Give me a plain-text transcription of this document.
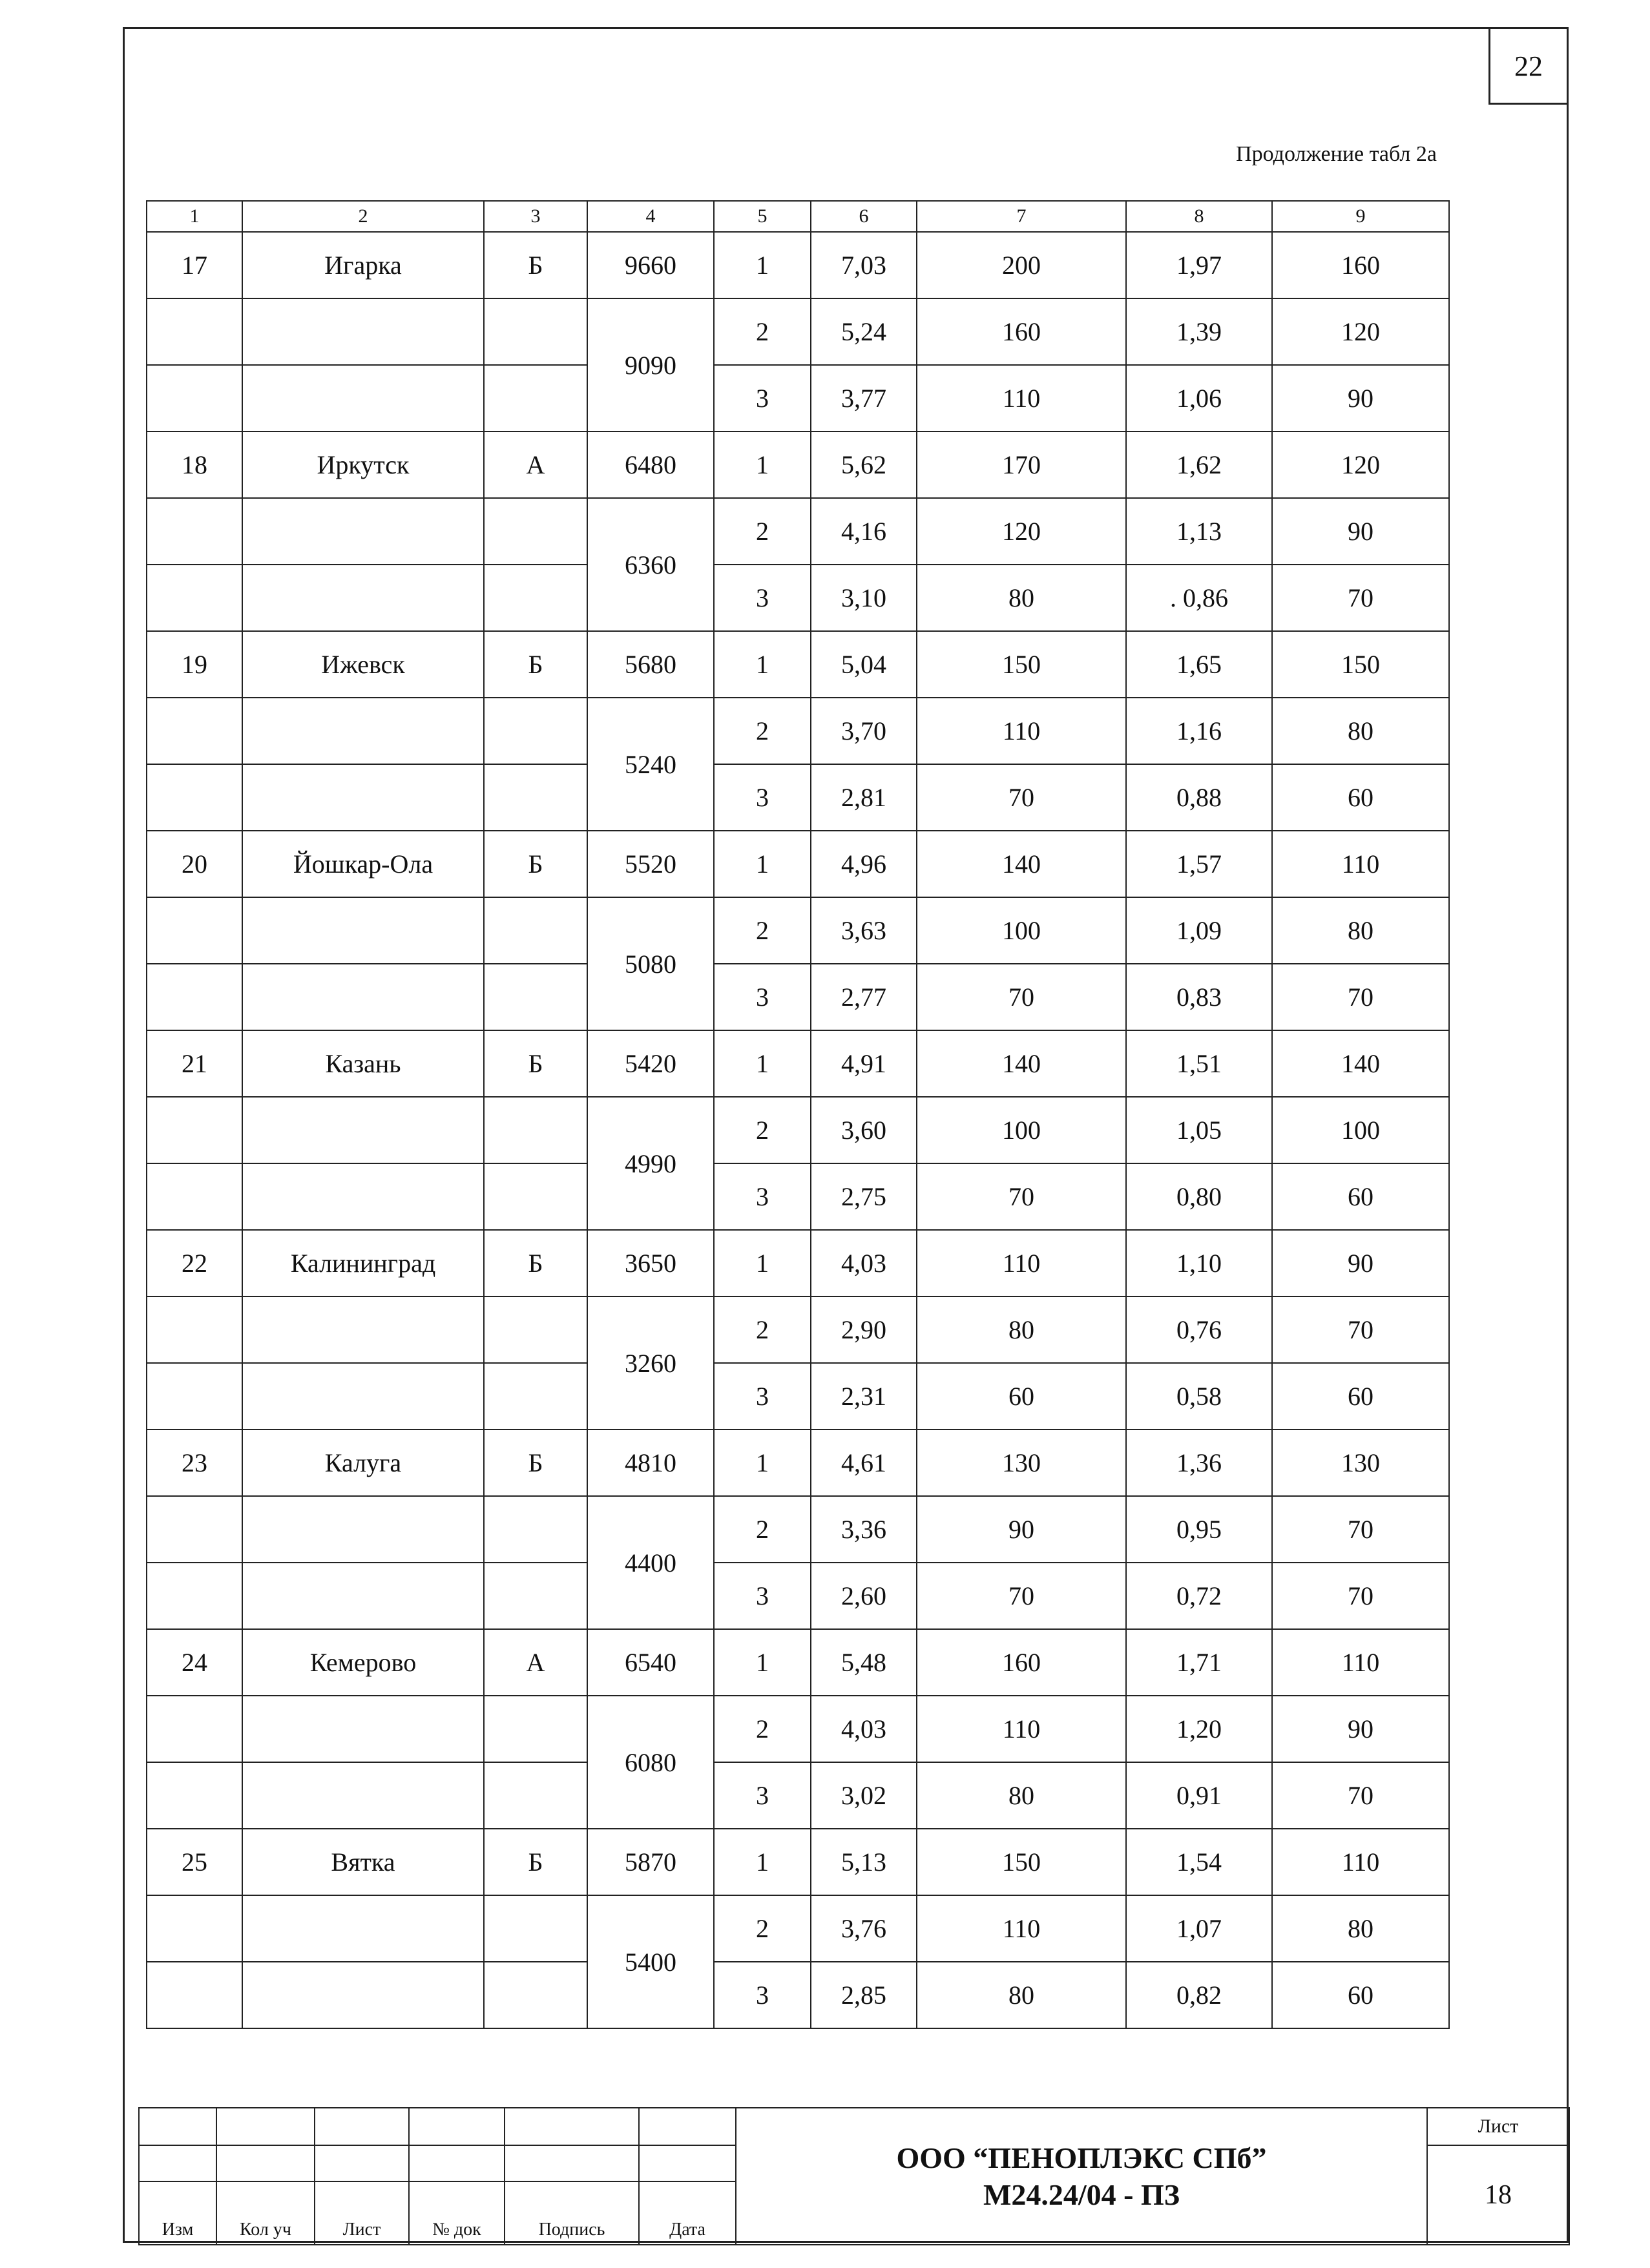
22
Продолжение табл 2а
1	2	3	4	5	6	7	8	9
17	Игарка	Б	9660	1	7,03	200	1,97	160
			9090	2	5,24	160	1,39	120
				3	3,77	110	1,06	90
18	Иркутск	А	6480	1	5,62	170	1,62	120
			6360	2	4,16	120	1,13	90
				3	3,10	80	. 0,86	70
19	Ижевск	Б	5680	1	5,04	150	1,65	150
			5240	2	3,70	110	1,16	80
				3	2,81	70	0,88	60
20	Йошкар-Ола	Б	5520	1	4,96	140	1,57	110
			5080	2	3,63	100	1,09	80
				3	2,77	70	0,83	70
21	Казань	Б	5420	1	4,91	140	1,51	140
			4990	2	3,60	100	1,05	100
				3	2,75	70	0,80	60
22	Калининград	Б	3650	1	4,03	110	1,10	90
			3260	2	2,90	80	0,76	70
				3	2,31	60	0,58	60
23	Калуга	Б	4810	1	4,61	130	1,36	130
			4400	2	3,36	90	0,95	70
				3	2,60	70	0,72	70
24	Кемерово	А	6540	1	5,48	160	1,71	110
			6080	2	4,03	110	1,20	90
				3	3,02	80	0,91	70
25	Вятка	Б	5870	1	5,13	150	1,54	110
			5400	2	3,76	110	1,07	80
				3	2,85	80	0,82	60

						ООО “ПЕНОПЛЭКС СПб”
М24.24/04 - ПЗ	Лист
							18
Изм	Кол уч	Лист	№ док	Подпись	Дата		
